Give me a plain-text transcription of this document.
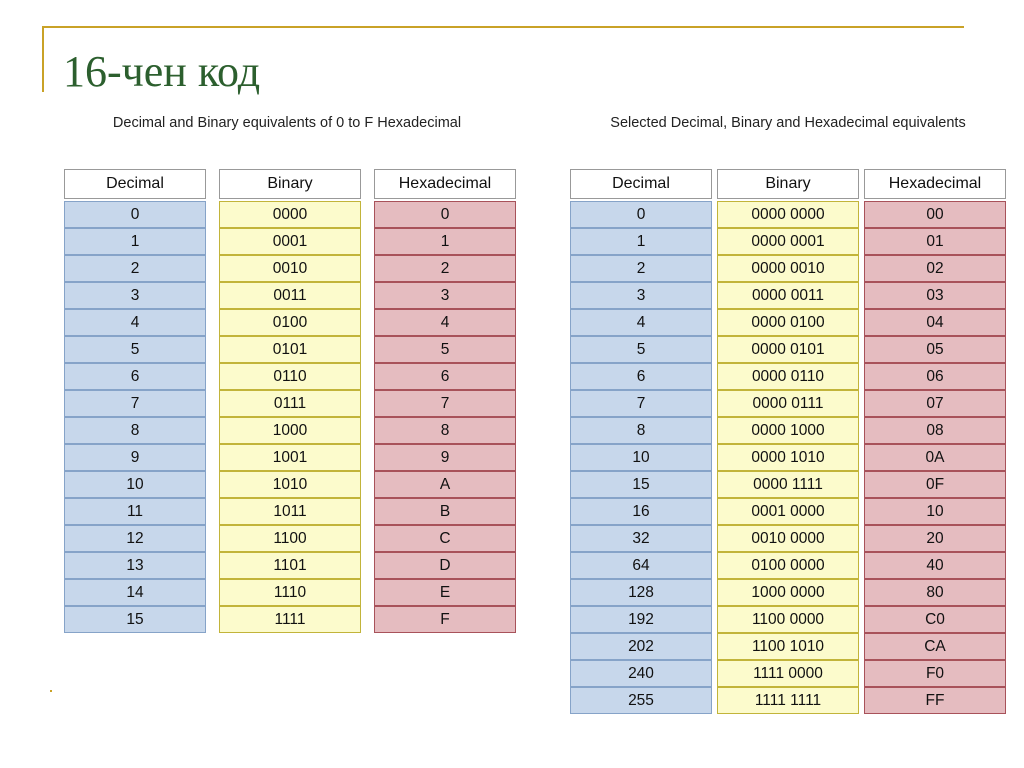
16-чен код
Decimal and Binary equivalents of 0 to F Hexadecimal
Decimal
0
1
2
3
4
5
6
7
8
9
10
11
12
13
14
15
Binary
0000
0001
0010
0011
0100
0101
0110
0111
1000
1001
1010
1011
1100
1101
1110
1111
Hexadecimal
0
1
2
3
4
5
6
7
8
9
A
B
C
D
E
F
Selected Decimal, Binary and Hexadecimal equivalents
Decimal
0
1
2
3
4
5
6
7
8
10
15
16
32
64
128
192
202
240
255
Binary
0000 0000
0000 0001
0000 0010
0000 0011
0000 0100
0000 0101
0000 0110
0000 0111
0000 1000
0000 1010
0000 1111
0001 0000
0010 0000
0100 0000
1000 0000
1100 0000
1100 1010
1111 0000
1111 1111
Hexadecimal
00
01
02
03
04
05
06
07
08
0A
0F
10
20
40
80
C0
CA
F0
FF
